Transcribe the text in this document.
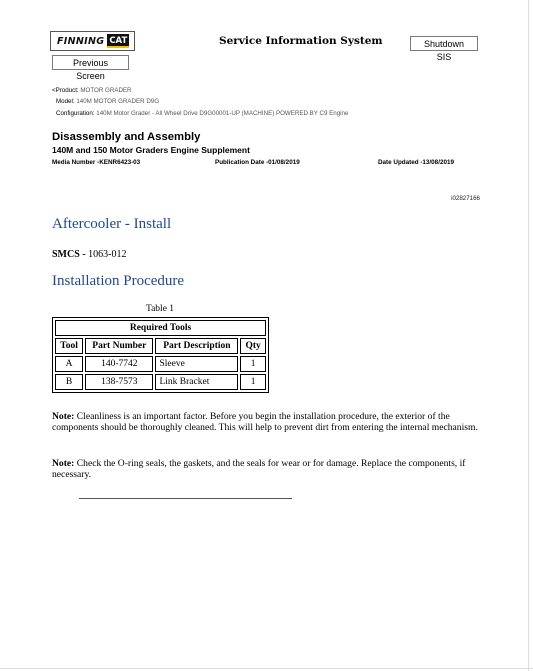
FINNING CAT	Service Information System	Shutdown SIS
Previous Screen
<Product: MOTOR GRADER
Model: 140M MOTOR GRADER D9G
Configuration: 140M Motor Grader - All Wheel Drive D9G00001-UP (MACHINE) POWERED BY C9 Engine
Disassembly and Assembly
140M and 150 Motor Graders Engine Supplement
Media Number -KENR6423-03	Publication Date -01/08/2019	Date Updated -13/08/2019
i02827166
Aftercooler - Install
SMCS - 1063-012
Installation Procedure
Table 1
Required Tools			
Tool	Part Number	Part Description	Qty
A	140-7742	Sleeve	1
B	138-7573	Link Bracket	1
Note: Cleanliness is an important factor. Before you begin the installation procedure, the exterior of the components should be thoroughly cleaned. This will help to prevent dirt from entering the internal mechanism.
Note: Check the O-ring seals, the gaskets, and the seals for wear or for damage. Replace the components, if necessary.
